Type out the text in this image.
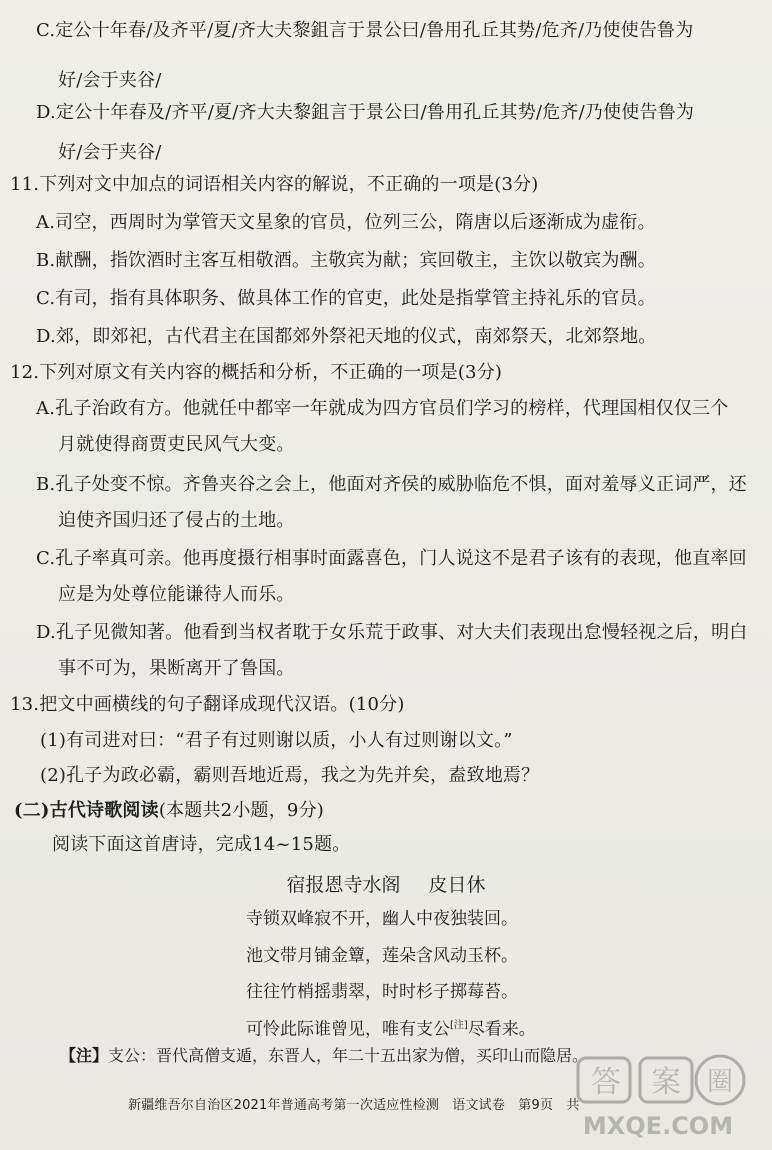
C.定公十年春/及齐平/夏/齐大夫黎鉏言于景公曰/鲁用孔丘其势/危齐/乃使使告鲁为
好/会于夹谷/
D.定公十年春及/齐平/夏/齐大夫黎鉏言于景公曰/鲁用孔丘其势/危齐/乃使使告鲁为
好/会于夹谷/
11.下列对文中加点的词语相关内容的解说，不正确的一项是(3分)
A.司空，西周时为掌管天文星象的官员，位列三公，隋唐以后逐渐成为虚衔。
B.献酬，指饮酒时主客互相敬酒。主敬宾为献；宾回敬主，主饮以敬宾为酬。
C.有司，指有具体职务、做具体工作的官吏，此处是指掌管主持礼乐的官员。
D.郊，即郊祀，古代君主在国都郊外祭祀天地的仪式，南郊祭天，北郊祭地。
12.下列对原文有关内容的概括和分析，不正确的一项是(3分)
A.孔子治政有方。他就任中都宰一年就成为四方官员们学习的榜样，代理国相仅仅三个
月就使得商贾吏民风气大变。
B.孔子处变不惊。齐鲁夹谷之会上，他面对齐侯的威胁临危不惧，面对羞辱义正词严，还
迫使齐国归还了侵占的土地。
C.孔子率真可亲。他再度摄行相事时面露喜色，门人说这不是君子该有的表现，他直率回
应是为处尊位能谦待人而乐。
D.孔子见微知著。他看到当权者耽于女乐荒于政事、对大夫们表现出怠慢轻视之后，明白
事不可为，果断离开了鲁国。
13.把文中画横线的句子翻译成现代汉语。(10分)
(1)有司进对曰：“君子有过则谢以质，小人有过则谢以文。”
(2)孔子为政必霸，霸则吾地近焉，我之为先并矣，盍致地焉？
(二)古代诗歌阅读(本题共2小题，9分)
阅读下面这首唐诗，完成14~15题。
宿报恩寺水阁 皮日休
寺锁双峰寂不开，幽人中夜独装回。
池文带月铺金簟，莲朵含风动玉杯。
往往竹梢摇翡翠，时时杉子掷莓苔。
可怜此际谁曾见，唯有支公[注]尽看来。
【注】支公：晋代高僧支遁，东晋人，年二十五出家为僧，买印山而隐居。
新疆维吾尔自治区2021年普通高考第一次适应性检测　语文试卷　第9页　共
答 案 圈
MXQE.COM
